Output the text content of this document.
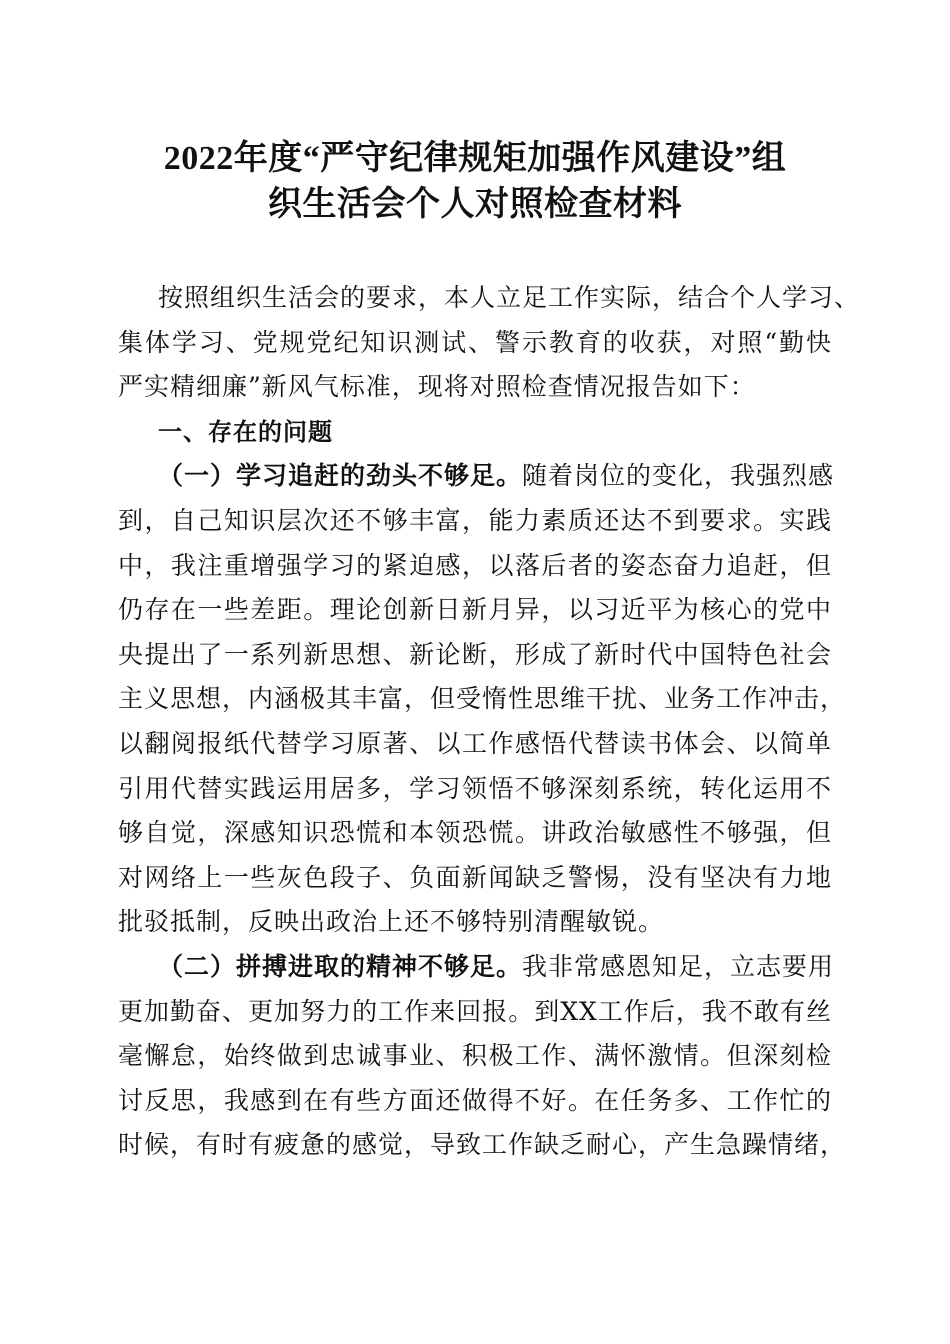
2022年度“严守纪律规矩加强作风建设”组
织生活会个人对照检查材料
按照组织生活会的要求，本人立足工作实际，结合个人学习、
集体学习、党规党纪知识测试、警示教育的收获，对照“勤快
严实精细廉”新风气标准，现将对照检查情况报告如下：
一、存在的问题
（一）学习追赶的劲头不够足。随着岗位的变化，我强烈感
到，自己知识层次还不够丰富，能力素质还达不到要求。实践
中，我注重增强学习的紧迫感，以落后者的姿态奋力追赶，但
仍存在一些差距。理论创新日新月异，以习近平为核心的党中
央提出了一系列新思想、新论断，形成了新时代中国特色社会
主义思想，内涵极其丰富，但受惰性思维干扰、业务工作冲击，
以翻阅报纸代替学习原著、以工作感悟代替读书体会、以简单
引用代替实践运用居多，学习领悟不够深刻系统，转化运用不
够自觉，深感知识恐慌和本领恐慌。讲政治敏感性不够强，但
对网络上一些灰色段子、负面新闻缺乏警惕，没有坚决有力地
批驳抵制，反映出政治上还不够特别清醒敏锐。
（二）拼搏进取的精神不够足。我非常感恩知足，立志要用
更加勤奋、更加努力的工作来回报。到XX工作后，我不敢有丝
毫懈怠，始终做到忠诚事业、积极工作、满怀激情。但深刻检
讨反思，我感到在有些方面还做得不好。在任务多、工作忙的
时候，有时有疲惫的感觉，导致工作缺乏耐心，产生急躁情绪，
